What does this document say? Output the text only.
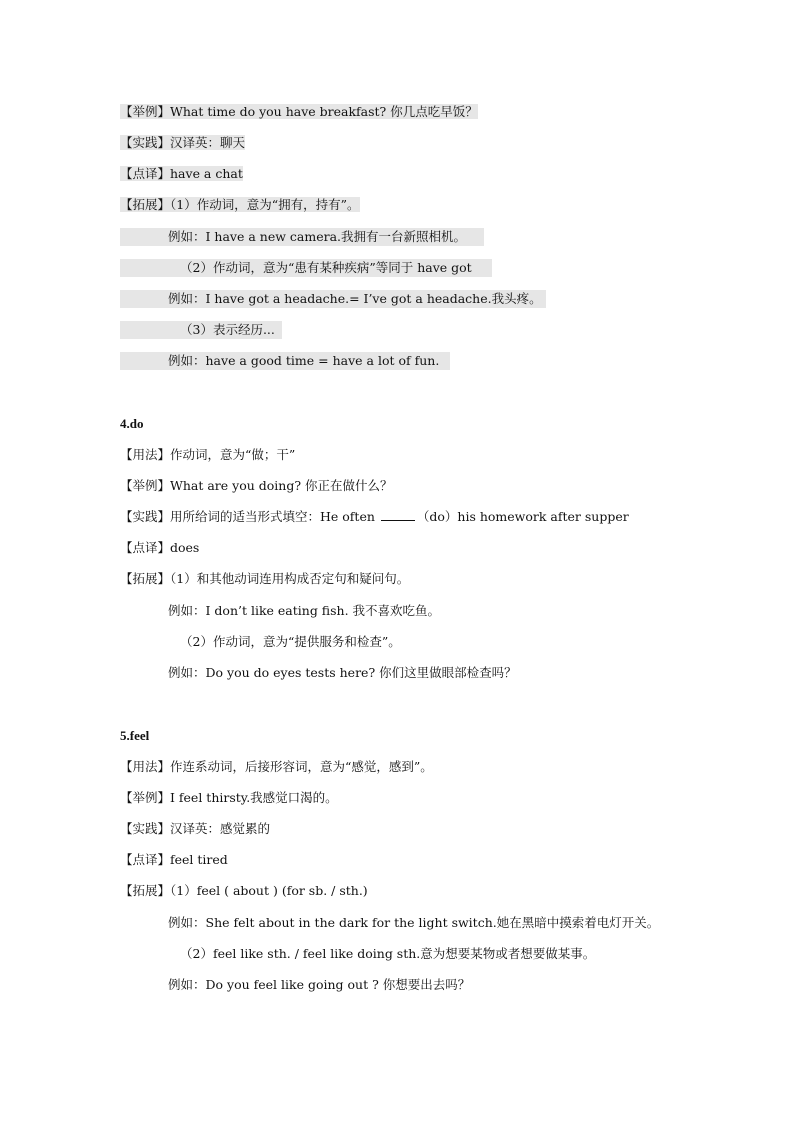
【举例】What time do you have breakfast? 你几点吃早饭？
【实践】汉译英：聊天
【点译】have a chat
【拓展】（1）作动词，意为“拥有，持有”。
例如：I have a new camera.我拥有一台新照相机。
（2）作动词，意为“患有某种疾病”等同于 have got
例如：I have got a headache.= I’ve got a headache.我头疼。
（3）表示经历...
例如：have a good time = have a lot of fun.
4.do
【用法】作动词，意为“做；干”
【举例】What are you doing? 你正在做什么？
【实践】用所给词的适当形式填空：He often	（do）his homework after supper
【点译】does
【拓展】（1）和其他动词连用构成否定句和疑问句。
例如：I don’t like eating fish. 我不喜欢吃鱼。
（2）作动词，意为“提供服务和检查”。
例如：Do you do eyes tests here? 你们这里做眼部检查吗？
5.feel
【用法】作连系动词，后接形容词，意为“感觉，感到”。
【举例】I feel thirsty.我感觉口渴的。
【实践】汉译英：感觉累的
【点译】feel tired
【拓展】（1）feel ( about ) (for sb. / sth.)
例如：She felt about in the dark for the light switch.她在黑暗中摸索着电灯开关。
（2）feel like sth. / feel like doing sth.意为想要某物或者想要做某事。
例如：Do you feel like going out ? 你想要出去吗？
